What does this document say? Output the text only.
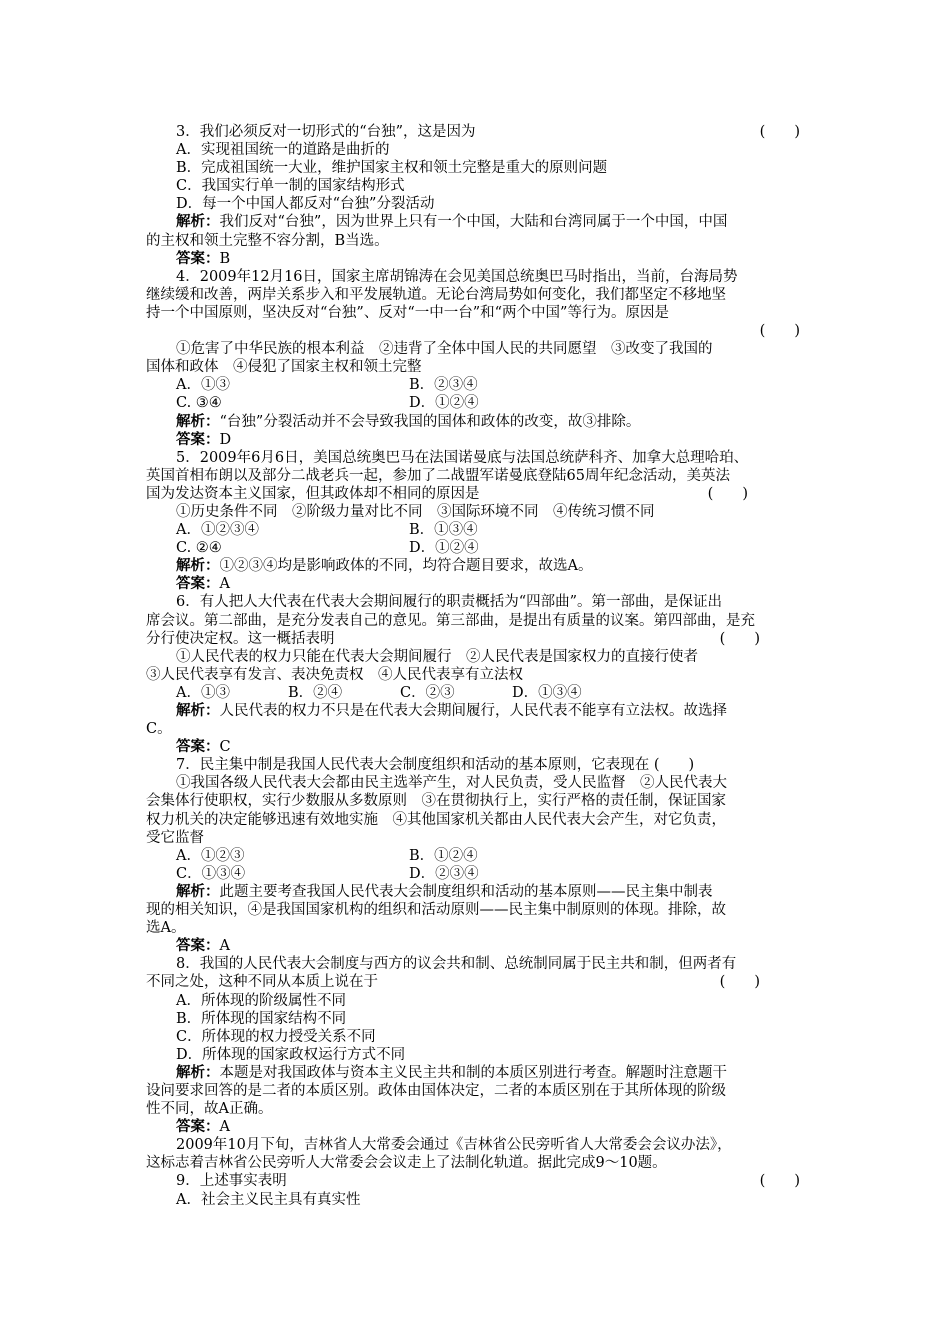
3．我们必须反对一切形式的“台独”，这是因为	(　　)
A．实现祖国统一的道路是曲折的
B．完成祖国统一大业，维护国家主权和领土完整是重大的原则问题
C．我国实行单一制的国家结构形式
D．每一个中国人都反对“台独”分裂活动
解析：我们反对“台独”，因为世界上只有一个中国，大陆和台湾同属于一个中国，中国
的主权和领土完整不容分割，B当选。
答案：B
4．2009年12月16日，国家主席胡锦涛在会见美国总统奥巴马时指出，当前，台海局势
继续缓和改善，两岸关系步入和平发展轨道。无论台湾局势如何变化，我们都坚定不移地坚
持一个中国原则，坚决反对“台独”、反对“一中一台”和“两个中国”等行为。原因是
(　　)
①危害了中华民族的根本利益　②违背了全体中国人民的共同愿望　③改变了我国的
国体和政体　④侵犯了国家主权和领土完整
A．①③	B．②③④
C. ③④	D．①②④
解析：“台独”分裂活动并不会导致我国的国体和政体的改变，故③排除。
答案：D
5．2009年6月6日，美国总统奥巴马在法国诺曼底与法国总统萨科齐、加拿大总理哈珀、
英国首相布朗以及部分二战老兵一起，参加了二战盟军诺曼底登陆65周年纪念活动，美英法
国为发达资本主义国家，但其政体却不相同的原因是	(　　)
①历史条件不同　②阶级力量对比不同　③国际环境不同　④传统习惯不同
A．①②③④	B．①③④
C. ②④	D．①②④
解析：①②③④均是影响政体的不同，均符合题目要求，故选A。
答案：A
6．有人把人大代表在代表大会期间履行的职责概括为“四部曲”。第一部曲，是保证出
席会议。第二部曲，是充分发表自己的意见。第三部曲，是提出有质量的议案。第四部曲，是充
分行使决定权。这一概括表明	(　　)
①人民代表的权力只能在代表大会期间履行　②人民代表是国家权力的直接行使者
③人民代表享有发言、表决免责权　④人民代表享有立法权
A．①③	B．②④	C．②③	D．①③④
解析：人民代表的权力不只是在代表大会期间履行，人民代表不能享有立法权。故选择
C。
答案：C
7．民主集中制是我国人民代表大会制度组织和活动的基本原则，它表现在 (　　)
①我国各级人民代表大会都由民主选举产生，对人民负责，受人民监督　②人民代表大
会集体行使职权，实行少数服从多数原则　③在贯彻执行上，实行严格的责任制，保证国家
权力机关的决定能够迅速有效地实施　④其他国家机关都由人民代表大会产生，对它负责，
受它监督
A．①②③	B．①②④
C．①③④	D．②③④
解析：此题主要考查我国人民代表大会制度组织和活动的基本原则——民主集中制表
现的相关知识，④是我国国家机构的组织和活动原则——民主集中制原则的体现。排除，故
选A。
答案：A
8．我国的人民代表大会制度与西方的议会共和制、总统制同属于民主共和制，但两者有
不同之处，这种不同从本质上说在于	(　　)
A．所体现的阶级属性不同
B．所体现的国家结构不同
C．所体现的权力授受关系不同
D．所体现的国家政权运行方式不同
解析：本题是对我国政体与资本主义民主共和制的本质区别进行考查。解题时注意题干
设问要求回答的是二者的本质区别。政体由国体决定，二者的本质区别在于其所体现的阶级
性不同，故A正确。
答案：A
2009年10月下旬，吉林省人大常委会通过《吉林省公民旁听省人大常委会会议办法》，
这标志着吉林省公民旁听人大常委会会议走上了法制化轨道。据此完成9～10题。
9．上述事实表明	(　　)
A．社会主义民主具有真实性
